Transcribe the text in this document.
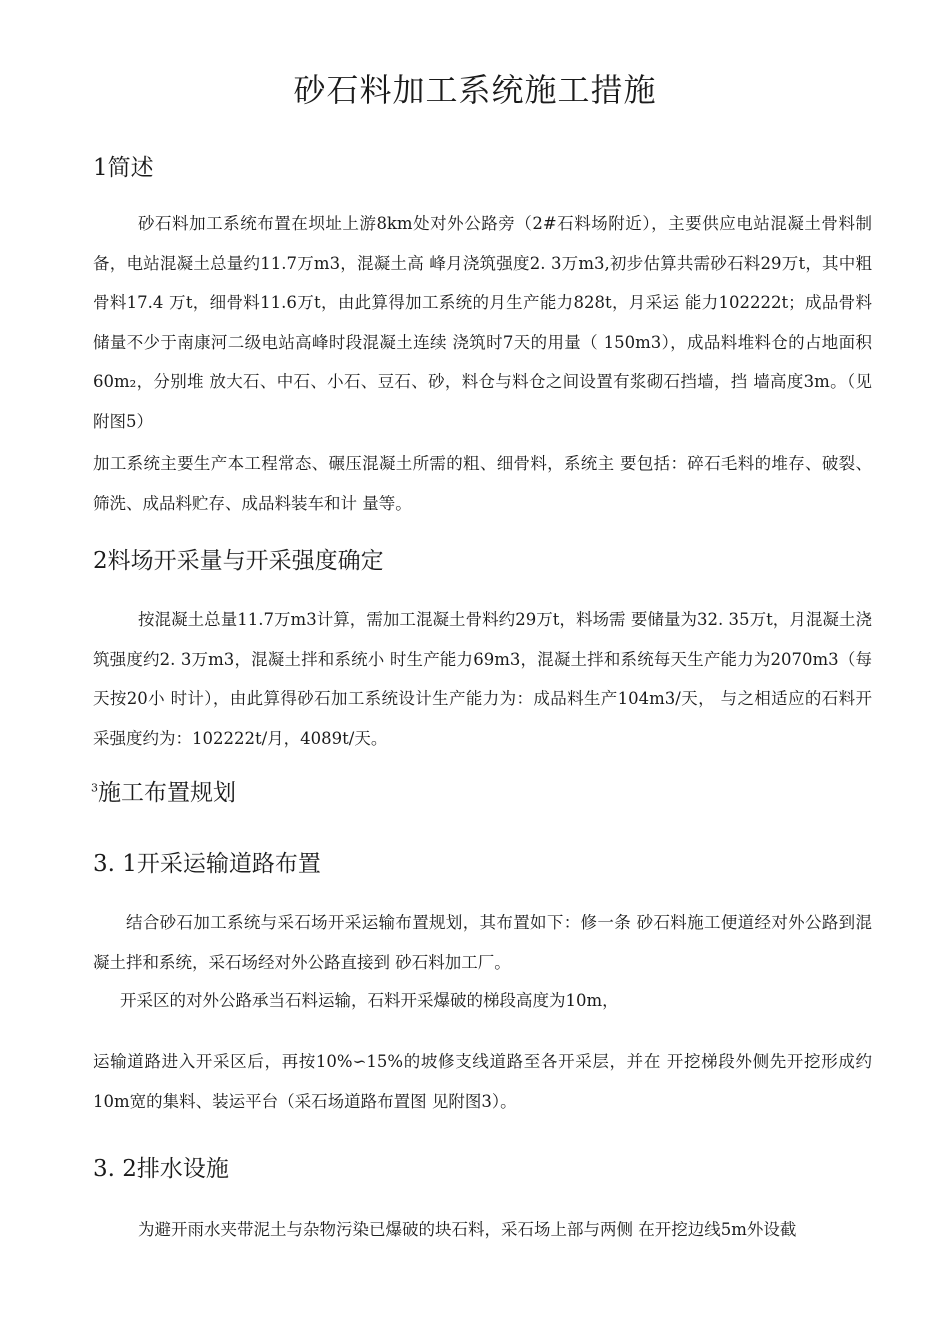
砂石料加工系统施工措施
1简述
砂石料加工系统布置在坝址上游8km处对外公路旁（2#石料场附近），主要供应电站混凝土骨料制备，电站混凝土总量约11.7万m3，混凝土高 峰月浇筑强度2. 3万m3,初步估算共需砂石料29万t，其中粗骨料17.4 万t，细骨料11.6万t，由此算得加工系统的月生产能力828t，月采运 能力102222t；成品骨料储量不少于南康河二级电站高峰时段混凝土连续 浇筑时7天的用量（ 150m3），成品料堆料仓的占地面积60m₂，分别堆 放大石、中石、小石、豆石、砂，料仓与料仓之间设置有浆砌石挡墙，挡 墙高度3m。（见附图5）
加工系统主要生产本工程常态、碾压混凝土所需的粗、细骨料，系统主 要包括：碎石毛料的堆存、破裂、筛洗、成品料贮存、成品料装车和计 量等。
2料场开采量与开采强度确定
按混凝土总量11.7万m3计算，需加工混凝土骨料约29万t，料场需 要储量为32. 35万t，月混凝土浇筑强度约2. 3万m3，混凝土拌和系统小 时生产能力69m3，混凝土拌和系统每天生产能力为2070m3（每天按20小 时计），由此算得砂石加工系统设计生产能力为：成品料生产104m3/天， 与之相适应的石料开采强度约为：102222t/月，4089t/天。
$^3$施工布置规划
3. 1开采运输道路布置
结合砂石加工系统与采石场开采运输布置规划，其布置如下：修一条 砂石料施工便道经对外公路到混凝土拌和系统，采石场经对外公路直接到 砂石料加工厂。
开采区的对外公路承当石料运输，石料开采爆破的梯段高度为10m，
运输道路进入开采区后，再按10%∽15%的坡修支线道路至各开采层，并在 开挖梯段外侧先开挖形成约10m宽的集料、装运平台（采石场道路布置图 见附图3）。
3. 2排水设施
为避开雨水夹带泥土与杂物污染已爆破的块石料，采石场上部与两侧 在开挖边线5m外设截
